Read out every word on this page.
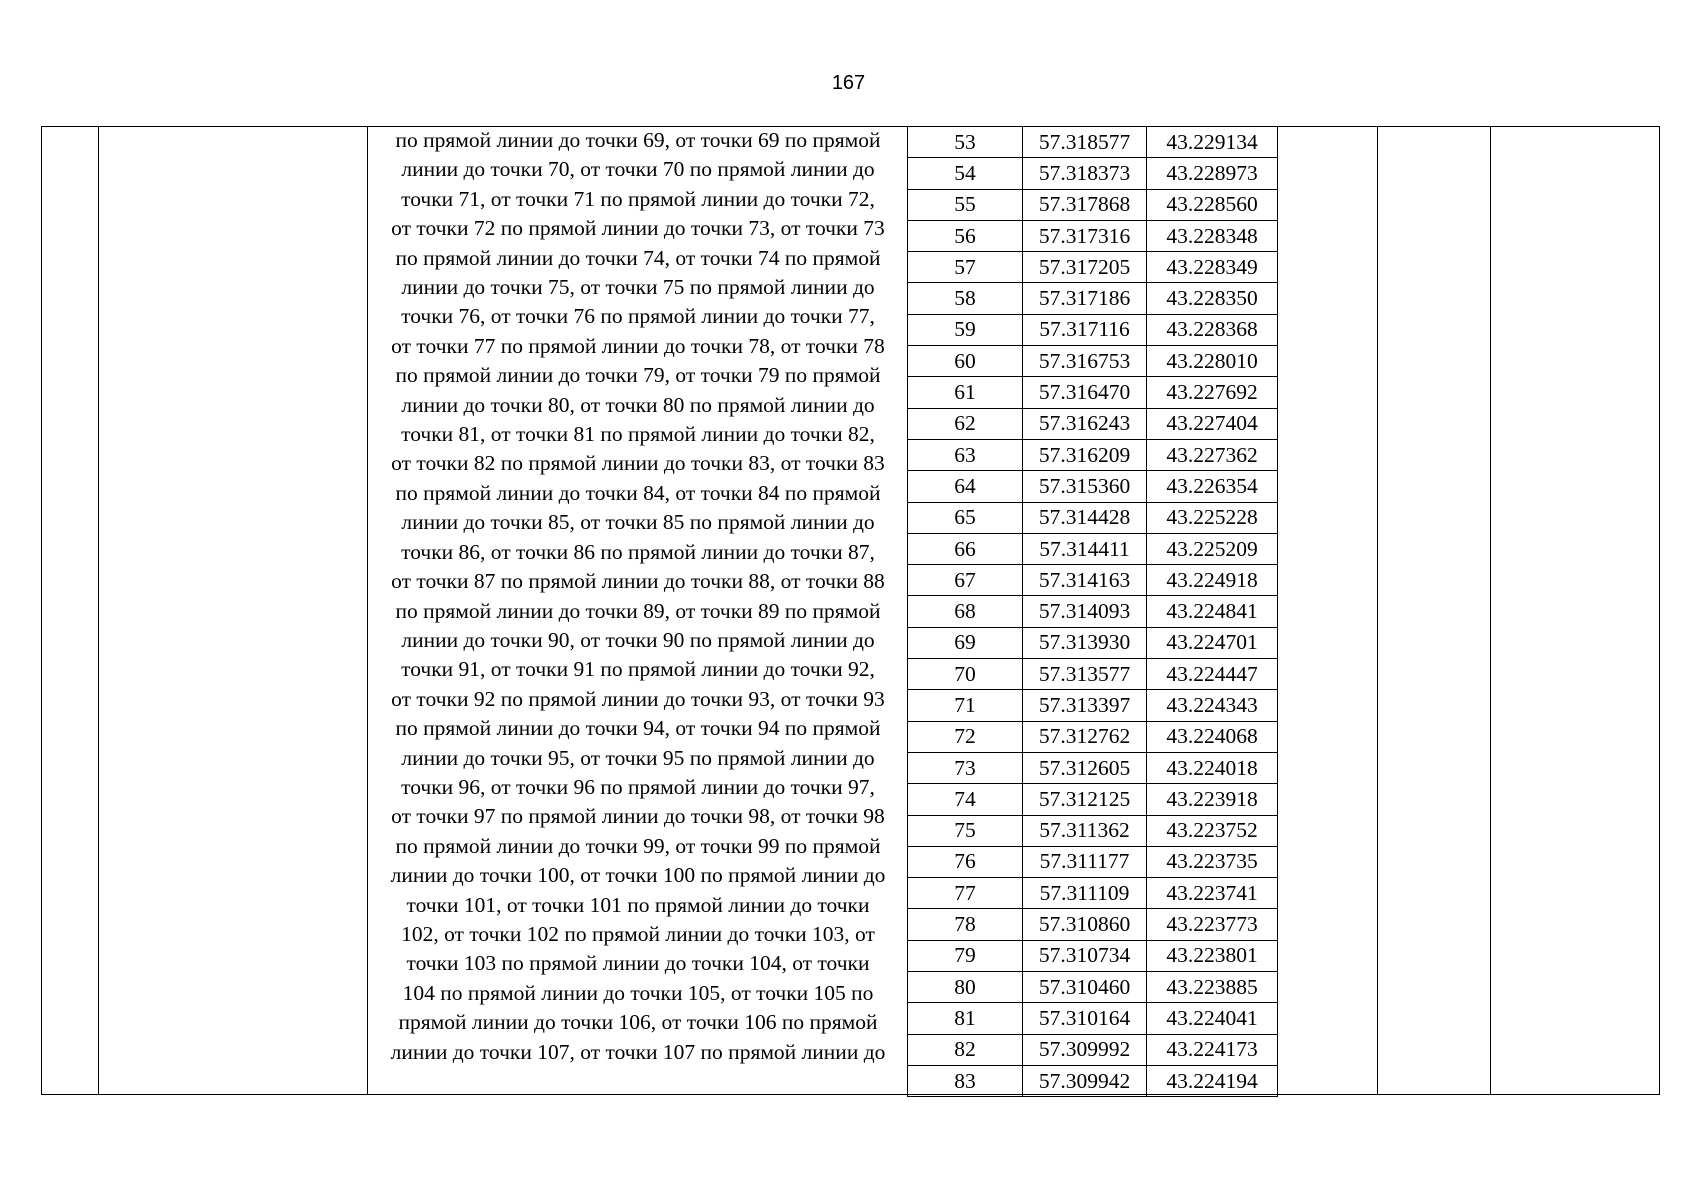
167
по прямой линии до точки 69, от точки 69 по прямой
линии до точки 70, от точки 70 по прямой линии до
точки 71, от точки 71 по прямой линии до точки 72,
от точки 72 по прямой линии до точки 73, от точки 73
по прямой линии до точки 74, от точки 74 по прямой
линии до точки 75, от точки 75 по прямой линии до
точки 76, от точки 76 по прямой линии до точки 77,
от точки 77 по прямой линии до точки 78, от точки 78
по прямой линии до точки 79, от точки 79 по прямой
линии до точки 80, от точки 80 по прямой линии до
точки 81, от точки 81 по прямой линии до точки 82,
от точки 82 по прямой линии до точки 83, от точки 83
по прямой линии до точки 84, от точки 84 по прямой
линии до точки 85, от точки 85 по прямой линии до
точки 86, от точки 86 по прямой линии до точки 87,
от точки 87 по прямой линии до точки 88, от точки 88
по прямой линии до точки 89, от точки 89 по прямой
линии до точки 90, от точки 90 по прямой линии до
точки 91, от точки 91 по прямой линии до точки 92,
от точки 92 по прямой линии до точки 93, от точки 93
по прямой линии до точки 94, от точки 94 по прямой
линии до точки 95, от точки 95 по прямой линии до
точки 96, от точки 96 по прямой линии до точки 97,
от точки 97 по прямой линии до точки 98, от точки 98
по прямой линии до точки 99, от точки 99 по прямой
линии до точки 100, от точки 100 по прямой линии до
точки 101, от точки 101 по прямой линии до точки
102, от точки 102 по прямой линии до точки 103, от
точки 103 по прямой линии до точки 104, от точки
104 по прямой линии до точки 105, от точки 105 по
прямой линии до точки 106, от точки 106 по прямой
линии до точки 107, от точки 107 по прямой линии до
53	57.318577	43.229134
54	57.318373	43.228973
55	57.317868	43.228560
56	57.317316	43.228348
57	57.317205	43.228349
58	57.317186	43.228350
59	57.317116	43.228368
60	57.316753	43.228010
61	57.316470	43.227692
62	57.316243	43.227404
63	57.316209	43.227362
64	57.315360	43.226354
65	57.314428	43.225228
66	57.314411	43.225209
67	57.314163	43.224918
68	57.314093	43.224841
69	57.313930	43.224701
70	57.313577	43.224447
71	57.313397	43.224343
72	57.312762	43.224068
73	57.312605	43.224018
74	57.312125	43.223918
75	57.311362	43.223752
76	57.311177	43.223735
77	57.311109	43.223741
78	57.310860	43.223773
79	57.310734	43.223801
80	57.310460	43.223885
81	57.310164	43.224041
82	57.309992	43.224173
83	57.309942	43.224194
